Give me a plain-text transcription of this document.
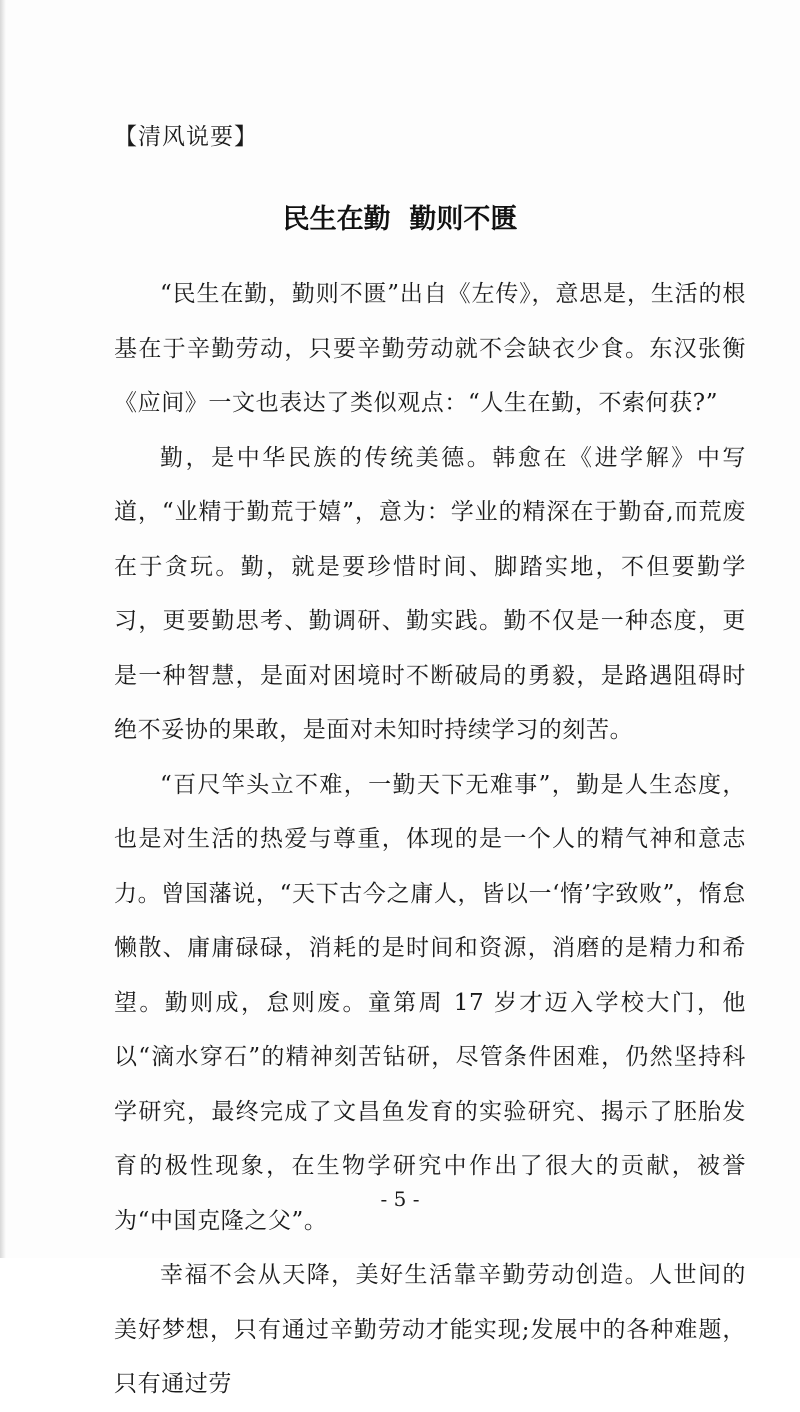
【清风说要】
民生在勤  勤则不匮

“民生在勤，勤则不匮”出自《左传》，意思是，生活的根基在于辛勤劳动，只要辛勤劳动就不会缺衣少食。东汉张衡《应间》一文也表达了类似观点：“人生在勤，不索何获?”

勤，是中华民族的传统美德。韩愈在《进学解》中写道，“业精于勤荒于嬉”，意为：学业的精深在于勤奋,而荒废在于贪玩。勤，就是要珍惜时间、脚踏实地，不但要勤学习，更要勤思考、勤调研、勤实践。勤不仅是一种态度，更是一种智慧，是面对困境时不断破局的勇毅，是路遇阻碍时绝不妥协的果敢，是面对未知时持续学习的刻苦。

“百尺竿头立不难，一勤天下无难事”，勤是人生态度，也是对生活的热爱与尊重，体现的是一个人的精气神和意志力。曾国藩说，“天下古今之庸人，皆以一‘惰’字致败”，惰怠懒散、庸庸碌碌，消耗的是时间和资源，消磨的是精力和希望。勤则成，怠则废。童第周 17 岁才迈入学校大门，他以“滴水穿石”的精神刻苦钻研，尽管条件困难，仍然坚持科学研究，最终完成了文昌鱼发育的实验研究、揭示了胚胎发育的极性现象，在生物学研究中作出了很大的贡献，被誉为“中国克隆之父”。

幸福不会从天降，美好生活靠辛勤劳动创造。人世间的美好梦想，只有通过辛勤劳动才能实现;发展中的各种难题，只有通过劳

- 5 -
